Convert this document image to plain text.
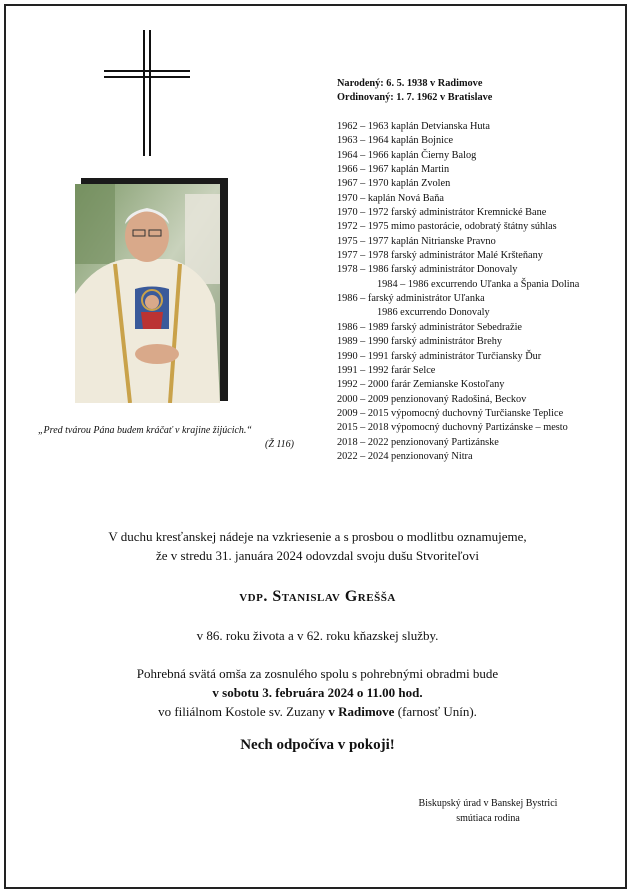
„Pred tvárou Pána budem kráčať v krajine žijúcich.“
(Ž 116)
Narodený: 6. 5. 1938 v Radimove
Ordinovaný: 1. 7. 1962 v Bratislave
1962 – 1963 kaplán Detvianska Huta
1963 – 1964 kaplán Bojnice
1964 – 1966 kaplán Čierny Balog
1966 – 1967 kaplán Martin
1967 – 1970 kaplán Zvolen
1970 – kaplán Nová Baňa
1970 – 1972 farský administrátor Kremnické Bane
1972 – 1975 mimo pastorácie, odobratý štátny súhlas
1975 – 1977 kaplán Nitrianske Pravno
1977 – 1978 farský administrátor Malé Kršteňany
1978 – 1986 farský administrátor Donovaly
1984 – 1986 excurrendo Uľanka a Španiа Dolina
1986 – farský administrátor Uľanka
1986 excurrendo Donovaly
1986 – 1989 farský administrátor Sebedražie
1989 – 1990 farský administrátor Brehy
1990 – 1991 farský administrátor Turčiansky Ďur
1991 – 1992 farár Selce
1992 – 2000 farár Zemianske Kostoľany
2000 – 2009 penzionovaný Radošiná, Beckov
2009 – 2015 výpomocný duchovný Turčianske Teplice
2015 – 2018 výpomocný duchovný Partizánske – mesto
2018 – 2022 penzionovaný Partizánske
2022 – 2024 penzionovaný Nitra
V duchu kresťanskej nádeje na vzkriesenie a s prosbou o modlitbu oznamujeme,
že v stredu 31. januára 2024 odovzdal svoju dušu Stvoriteľovi
vdp. Stanislav Greššа
v 86. roku života a v 62. roku kňazskej služby.
Pohrebná svätá omša za zosnulého spolu s pohrebnými obradmi bude
v sobotu 3. februára 2024 o 11.00 hod.
vo filiálnom Kostole sv. Zuzany v Radimove (farnosť Unín).
Nech odpočíva v pokoji!
Biskupský úrad v Banskej Bystrici
smútiaca rodina
